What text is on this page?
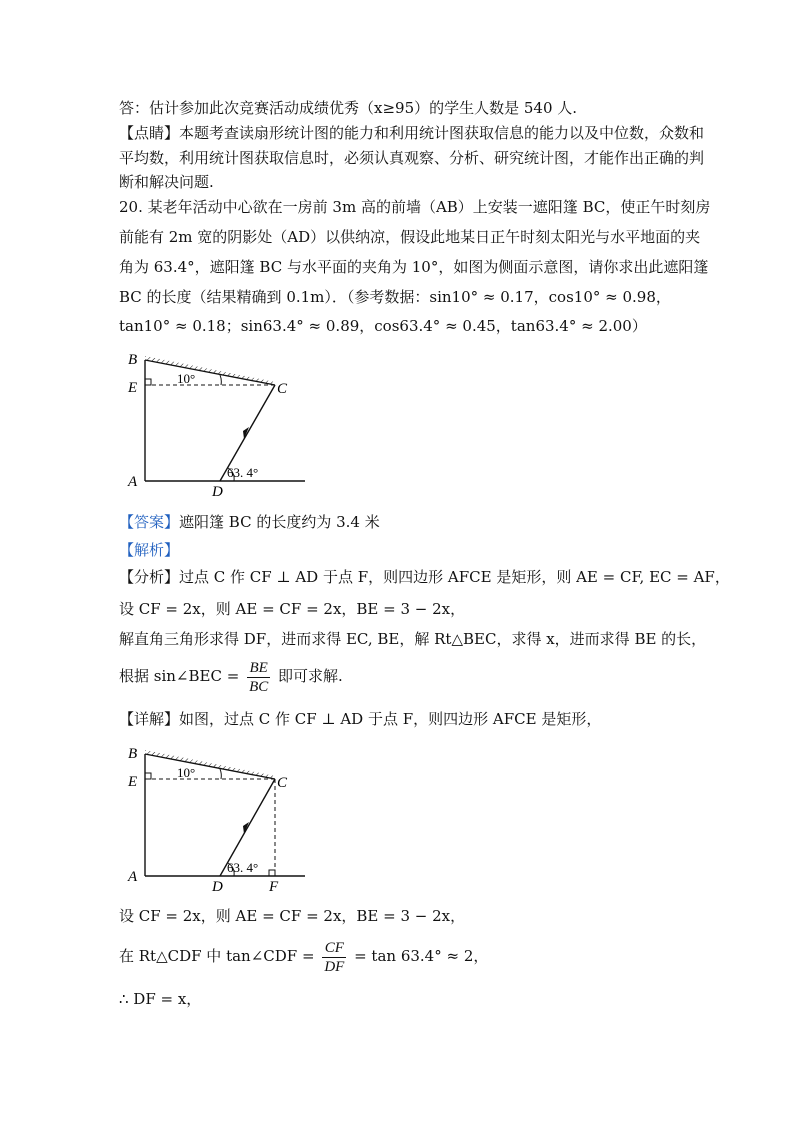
答：估计参加此次竞赛活动成绩优秀（x≥95）的学生人数是 540 人.
【点睛】本题考查读扇形统计图的能力和利用统计图获取信息的能力以及中位数，众数和
平均数，利用统计图获取信息时，必须认真观察、分析、研究统计图，才能作出正确的判
断和解决问题.
20. 某老年活动中心欲在一房前 3m 高的前墙（AB）上安装一遮阳篷 BC，使正午时刻房
前能有 2m 宽的阴影处（AD）以供纳凉，假设此地某日正午时刻太阳光与水平地面的夹
角为 63.4°，遮阳篷 BC 与水平面的夹角为 10°，如图为侧面示意图，请你求出此遮阳篷
BC 的长度（结果精确到 0.1m）．（参考数据：sin10° ≈ 0.17，cos10° ≈ 0.98，
tan10° ≈ 0.18；sin63.4° ≈ 0.89，cos63.4° ≈ 0.45，tan63.4° ≈ 2.00）
B
E
A
D
C
10°
63. 4°
【答案】遮阳篷 BC 的长度约为 3.4 米
【解析】
【分析】过点 C 作 CF ⊥ AD 于点 F，则四边形 AFCE 是矩形，则 AE = CF, EC = AF，
设 CF = 2x，则 AE = CF = 2x，BE = 3 − 2x，
解直角三角形求得 DF，进而求得 EC, BE，解 Rt△BEC，求得 x，进而求得 BE 的长，
根据 sin∠BEC = $\frac{BE}{BC}$ 即可求解.
【详解】如图，过点 C 作 CF ⊥ AD 于点 F，则四边形 AFCE 是矩形，
B
E
A
D	F
C
10°
63. 4°
设 CF = 2x，则 AE = CF = 2x，BE = 3 − 2x，
在 Rt△CDF 中 tan∠CDF = $\frac{CF}{DF} = \tan 63.4^\circ \approx 2$，
∴ DF = x，
